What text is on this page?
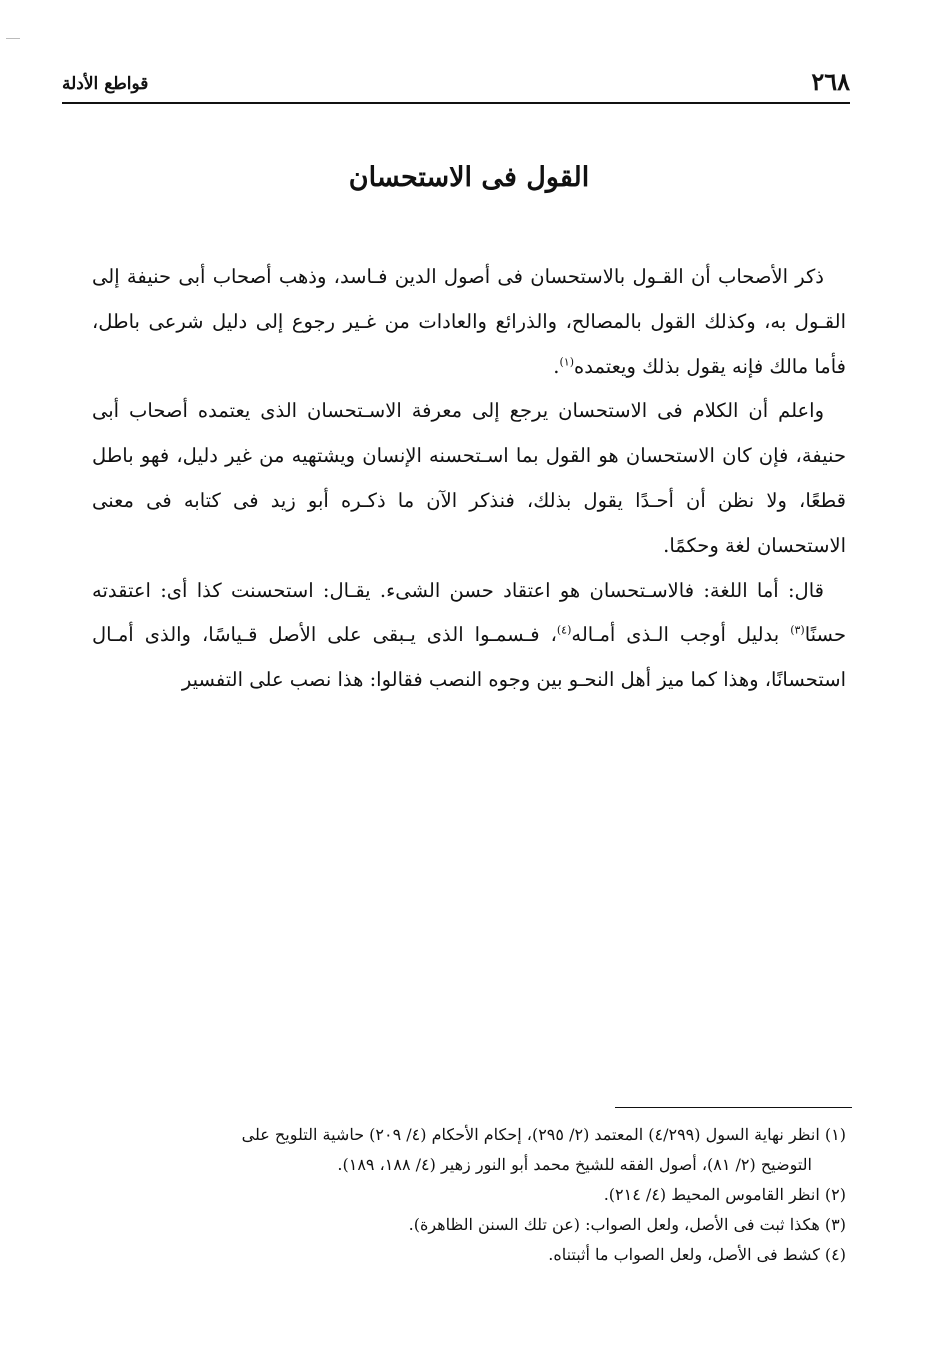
٢٦٨
قواطع الأدلة
القول فى الاستحسان

ذكر الأصحاب أن القـول بالاستحسان فى أصول الدين فـاسد، وذهب أصحاب أبى حنيفة إلى القـول به، وكذلك القول بالمصالح، والذرائع والعادات من غـير رجوع إلى دليل شرعى باطل، فأما مالك فإنه يقول بذلك ويعتمده$^{(١)}$.

واعلم أن الكلام فى الاستحسان يرجع إلى معرفة الاسـتحسان الذى يعتمده أصحاب أبى حنيفة، فإن كان الاستحسان هو القول بما اسـتحسنه الإنسان ويشتهيه من غير دليل، فهو باطل قطعًا، ولا نظن أن أحـدًا يقول بذلك، فنذكر الآن ما ذكـره أبو زيد فى كتابه فى معنى الاستحسان لغة وحكمًا.

قال: أما اللغة: فالاسـتحسان هو اعتقاد حسن الشىء. يقـال: استحسنت كذا أى: اعتقدته حسنًا$^{(٣)}$ بدليل أوجب الـذى أمـاله$^{(٤)}$، فـسمـوا الذى يـبقى على الأصل قـياسًا، والذى أمـال استحسانًا، وهذا كما ميز أهل النحـو بين وجوه النصب فقالوا: هذا نصب على التفسير

(١) انظر نهاية السول (٤/٢٩٩) المعتمد (٢/ ٢٩٥)، إحكام الأحكام (٤/ ٢٠٩) حاشية التلويح على

التوضيح (٢/ ٨١)، أصول الفقه للشيخ محمد أبو النور زهير (٤/ ١٨٨، ١٨٩).

(٢) انظر القاموس المحيط (٤/ ٢١٤).

(٣) هكذا ثبت فى الأصل، ولعل الصواب: (عن تلك السنن الظاهرة).

(٤) كشط فى الأصل، ولعل الصواب ما أثبتناه.
